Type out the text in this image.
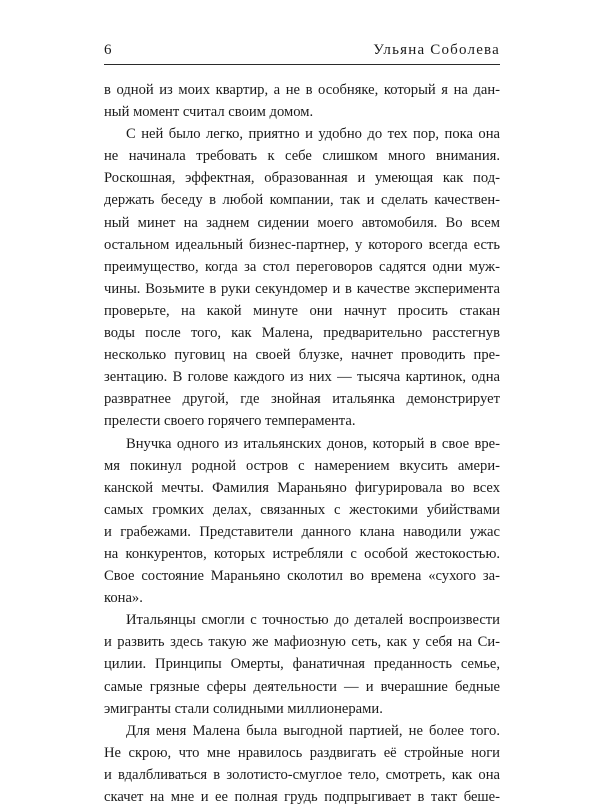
6	Ульяна Соболева
в одной из моих квартир, а не в особняке, который я на дан-
ный момент считал своим домом.
С ней было легко, приятно и удобно до тех пор, пока она
не начинала требовать к себе слишком много внимания.
Роскошная, эффектная, образованная и умеющая как под-
держать беседу в любой компании, так и сделать качествен-
ный минет на заднем сидении моего автомобиля. Во всем
остальном идеальный бизнес-партнер, у которого всегда есть
преимущество, когда за стол переговоров садятся одни муж-
чины. Возьмите в руки секундомер и в качестве эксперимента
проверьте, на какой минуте они начнут просить стакан
воды после того, как Малена, предварительно расстегнув
несколько пуговиц на своей блузке, начнет проводить пре-
зентацию. В голове каждого из них — тысяча картинок, одна
развратнее другой, где знойная итальянка демонстрирует
прелести своего горячего темперамента.
Внучка одного из итальянских донов, который в свое вре-
мя покинул родной остров с намерением вкусить амери-
канской мечты. Фамилия Мараньяно фигурировала во всех
самых громких делах, связанных с жестокими убийствами
и грабежами. Представители данного клана наводили ужас
на конкурентов, которых истребляли с особой жестокостью.
Свое состояние Мараньяно сколотил во времена «сухого за-
кона».
Итальянцы смогли с точностью до деталей воспроизвести
и развить здесь такую же мафиозную сеть, как у себя на Си-
цилии. Принципы Омерты, фанатичная преданность семье,
самые грязные сферы деятельности — и вчерашние бедные
эмигранты стали солидными миллионерами.
Для меня Малена была выгодной партией, не более того.
Не скрою, что мне нравилось раздвигать её стройные ноги
и вдалбливаться в золотисто-смуглое тело, смотреть, как она
скачет на мне и ее полная грудь подпрыгивает в такт беше-
